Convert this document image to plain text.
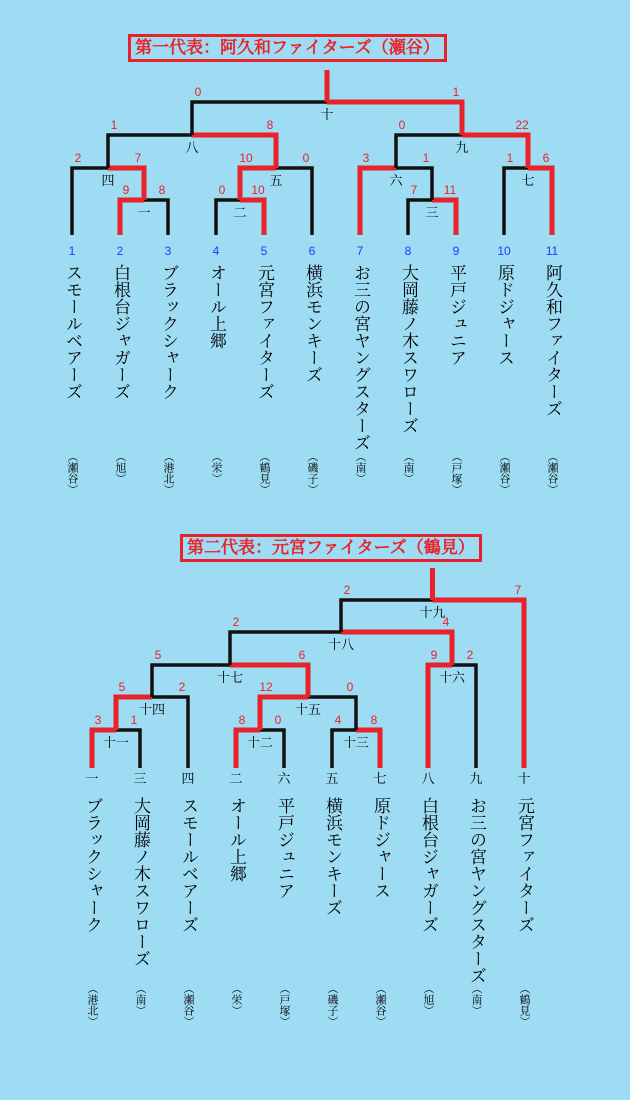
第一代表：阿久和ファイターズ（瀬谷）
第二代表：元宮ファイターズ（鶴見）
9 8
一
0 10
二
7 11
三
2	7
四
10	0
五
3	1
六
1 6
七
1	8
八
0	22
九
0	1
十
1	2	3	4	5	6	7	8	9	10	11
3 1
十一
8 0
十二
4 8
十三
5	2
十四
12	0
十五
9 2
十六
5	6
十七
2	4
十八
2	7
十九
一	三	四	二	六	五	七	八	九	十
スモールベアーズ
（瀬谷）
白根台ジャガーズ
（旭）
ブラックシャーク
（港北）
オール上郷
（栄）
元宮ファイターズ
（鶴見）
横浜モンキーズ
（磯子）
お三の宮ヤングスターズ
（南）
大岡藤ノ木スワローズ
（南）
平戸ジュニア
（戸塚）
原ドジャース
（瀬谷）
阿久和ファイターズ
（瀬谷）
ブラックシャーク
（港北）
大岡藤ノ木スワローズ
（南）
スモールベアーズ
（瀬谷）
オール上郷
（栄）
平戸ジュニア
（戸塚）
横浜モンキーズ
（磯子）
原ドジャース
（瀬谷）
白根台ジャガーズ
（旭）
お三の宮ヤングスターズ
（南）
元宮ファイターズ
（鶴見）
